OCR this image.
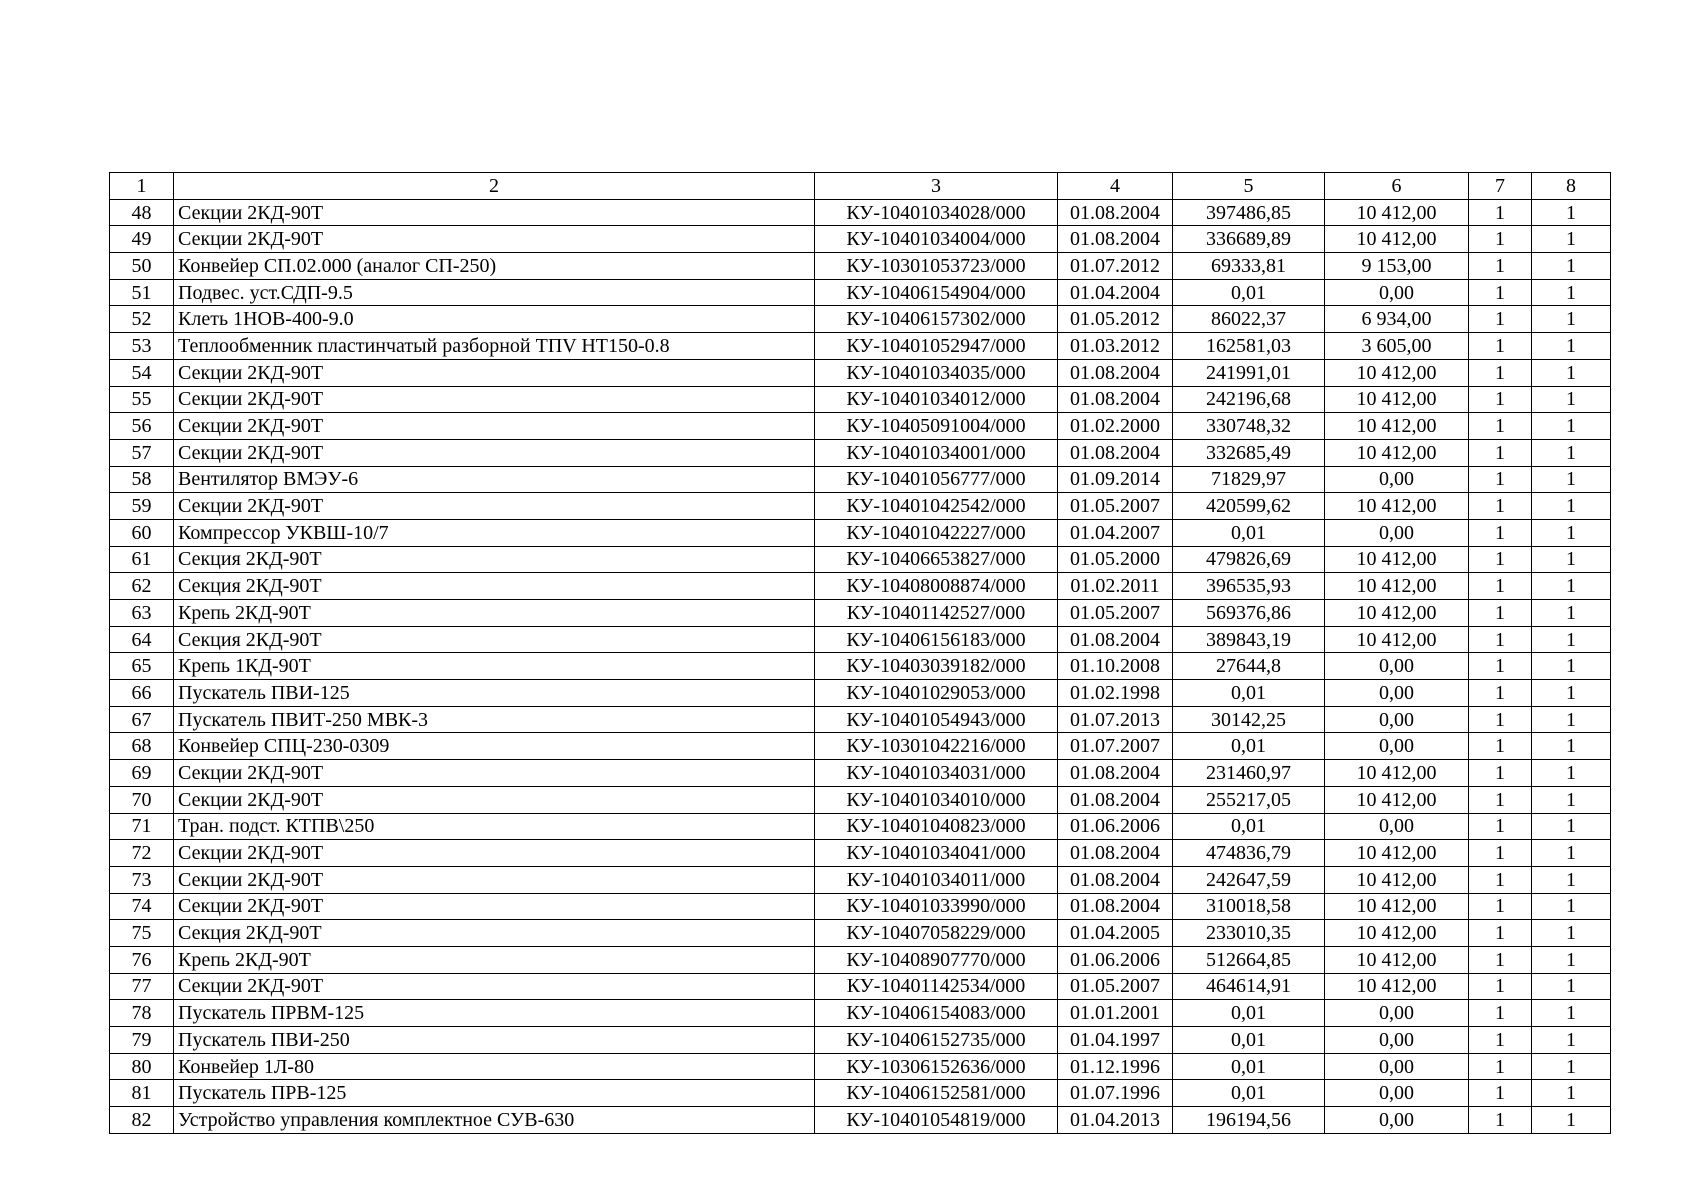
1	2	3	4	5	6	7	8
48	Секции 2КД-90Т	КУ-10401034028/000	01.08.2004	397486,85	10 412,00	1	1
49	Секции 2КД-90Т	КУ-10401034004/000	01.08.2004	336689,89	10 412,00	1	1
50	Конвейер СП.02.000 (аналог СП-250)	КУ-10301053723/000	01.07.2012	69333,81	9 153,00	1	1
51	Подвес. уст.СДП-9.5	КУ-10406154904/000	01.04.2004	0,01	0,00	1	1
52	Клеть 1НОВ-400-9.0	КУ-10406157302/000	01.05.2012	86022,37	6 934,00	1	1
53	Теплообменник пластинчатый разборной ТПV НТ150-0.8	КУ-10401052947/000	01.03.2012	162581,03	3 605,00	1	1
54	Секции 2КД-90Т	КУ-10401034035/000	01.08.2004	241991,01	10 412,00	1	1
55	Секции 2КД-90Т	КУ-10401034012/000	01.08.2004	242196,68	10 412,00	1	1
56	Секции 2КД-90Т	КУ-10405091004/000	01.02.2000	330748,32	10 412,00	1	1
57	Секции 2КД-90Т	КУ-10401034001/000	01.08.2004	332685,49	10 412,00	1	1
58	Вентилятор ВМЭУ-6	КУ-10401056777/000	01.09.2014	71829,97	0,00	1	1
59	Секции 2КД-90Т	КУ-10401042542/000	01.05.2007	420599,62	10 412,00	1	1
60	Компрессор УКВШ-10/7	КУ-10401042227/000	01.04.2007	0,01	0,00	1	1
61	Секция 2КД-90Т	КУ-10406653827/000	01.05.2000	479826,69	10 412,00	1	1
62	Секция 2КД-90Т	КУ-10408008874/000	01.02.2011	396535,93	10 412,00	1	1
63	Крепь 2КД-90Т	КУ-10401142527/000	01.05.2007	569376,86	10 412,00	1	1
64	Секция 2КД-90Т	КУ-10406156183/000	01.08.2004	389843,19	10 412,00	1	1
65	Крепь 1КД-90Т	КУ-10403039182/000	01.10.2008	27644,8	0,00	1	1
66	Пускатель ПВИ-125	КУ-10401029053/000	01.02.1998	0,01	0,00	1	1
67	Пускатель ПВИТ-250 МВК-3	КУ-10401054943/000	01.07.2013	30142,25	0,00	1	1
68	Конвейер СПЦ-230-0309	КУ-10301042216/000	01.07.2007	0,01	0,00	1	1
69	Секции 2КД-90Т	КУ-10401034031/000	01.08.2004	231460,97	10 412,00	1	1
70	Секции 2КД-90Т	КУ-10401034010/000	01.08.2004	255217,05	10 412,00	1	1
71	Тран. подст. КТПВ\250	КУ-10401040823/000	01.06.2006	0,01	0,00	1	1
72	Секции 2КД-90Т	КУ-10401034041/000	01.08.2004	474836,79	10 412,00	1	1
73	Секции 2КД-90Т	КУ-10401034011/000	01.08.2004	242647,59	10 412,00	1	1
74	Секции 2КД-90Т	КУ-10401033990/000	01.08.2004	310018,58	10 412,00	1	1
75	Секция 2КД-90Т	КУ-10407058229/000	01.04.2005	233010,35	10 412,00	1	1
76	Крепь 2КД-90Т	КУ-10408907770/000	01.06.2006	512664,85	10 412,00	1	1
77	Секции 2КД-90Т	КУ-10401142534/000	01.05.2007	464614,91	10 412,00	1	1
78	Пускатель ПРВМ-125	КУ-10406154083/000	01.01.2001	0,01	0,00	1	1
79	Пускатель ПВИ-250	КУ-10406152735/000	01.04.1997	0,01	0,00	1	1
80	Конвейер 1Л-80	КУ-10306152636/000	01.12.1996	0,01	0,00	1	1
81	Пускатель ПРВ-125	КУ-10406152581/000	01.07.1996	0,01	0,00	1	1
82	Устройство управления комплектное СУВ-630	КУ-10401054819/000	01.04.2013	196194,56	0,00	1	1
